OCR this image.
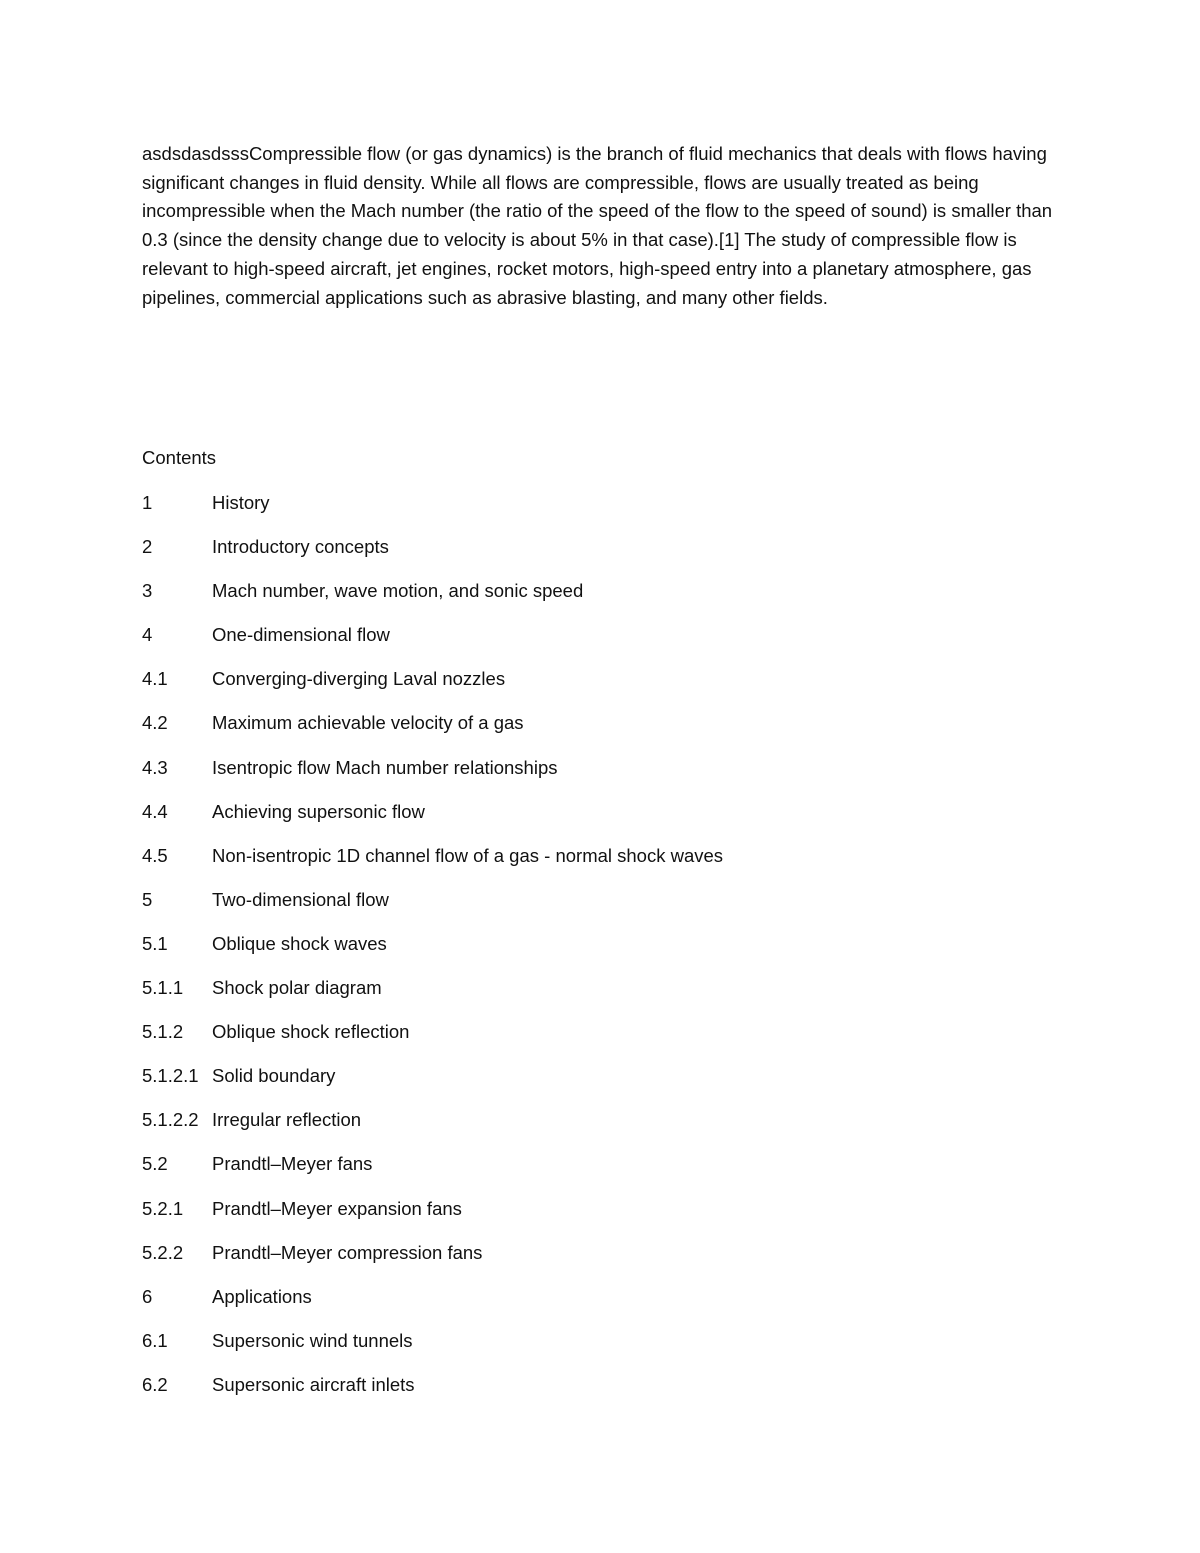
asdsdasdsssCompressible flow (or gas dynamics) is the branch of fluid mechanics that deals with flows having significant changes in fluid density. While all flows are compressible, flows are usually treated as being incompressible when the Mach number (the ratio of the speed of the flow to the speed of sound) is smaller than 0.3 (since the density change due to velocity is about 5% in that case).[1] The study of compressible flow is relevant to high-speed aircraft, jet engines, rocket motors, high-speed entry into a planetary atmosphere, gas pipelines, commercial applications such as abrasive blasting, and many other fields.

Contents

1	History
2	Introductory concepts
3	Mach number, wave motion, and sonic speed
4	One-dimensional flow
4.1	Converging-diverging Laval nozzles
4.2	Maximum achievable velocity of a gas
4.3	Isentropic flow Mach number relationships
4.4	Achieving supersonic flow
4.5	Non-isentropic 1D channel flow of a gas - normal shock waves
5	Two-dimensional flow
5.1	Oblique shock waves
5.1.1	Shock polar diagram
5.1.2	Oblique shock reflection
5.1.2.1 Solid boundary
5.1.2.2 Irregular reflection
5.2	Prandtl–Meyer fans
5.2.1	Prandtl–Meyer expansion fans
5.2.2	Prandtl–Meyer compression fans
6	Applications
6.1	Supersonic wind tunnels
6.2	Supersonic aircraft inlets
